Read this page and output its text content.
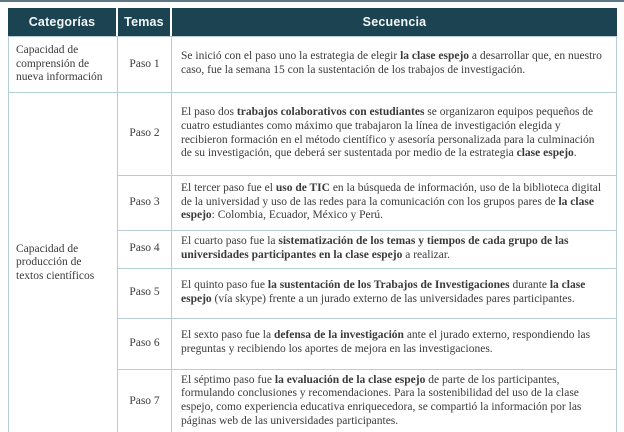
Categorías	Temas	Secuencia
Capacidad de comprensión de nueva información	Paso 1	Se inició con el paso uno la estrategia de elegir la clase espejo a desarrollar que, en nuestro caso, fue la semana 15 con la sustentación de los trabajos de investigación.
Capacidad de producción de textos científicos	Paso 2	El paso dos trabajos colaborativos con estudiantes se organizaron equipos pequeños de cuatro estudiantes como máximo que trabajaron la línea de investigación elegida y recibieron formación en el método científico y asesoría personalizada para la culminación de su investigación, que deberá ser sustentada por medio de la estrategia clase espejo.
	Paso 3	El tercer paso fue el uso de TIC en la búsqueda de información, uso de la biblioteca digital de la universidad y uso de las redes para la comunicación con los grupos pares de la clase espejo: Colombia, Ecuador, México y Perú.
	Paso 4	El cuarto paso fue la sistematización de los temas y tiempos de cada grupo de las universidades participantes en la clase espejo a realizar.
	Paso 5	El quinto paso fue la sustentación de los Trabajos de Investigaciones durante la clase espejo (vía skype) frente a un jurado externo de las universidades pares participantes.
	Paso 6	El sexto paso fue la defensa de la investigación ante el jurado externo, respondiendo las preguntas y recibiendo los aportes de mejora en las investigaciones.
	Paso 7	El séptimo paso fue la evaluación de la clase espejo de parte de los participantes, formulando conclusiones y recomendaciones. Para la sostenibilidad del uso de la clase espejo, como experiencia educativa enriquecedora, se compartió la información por las páginas web de las universidades participantes.
